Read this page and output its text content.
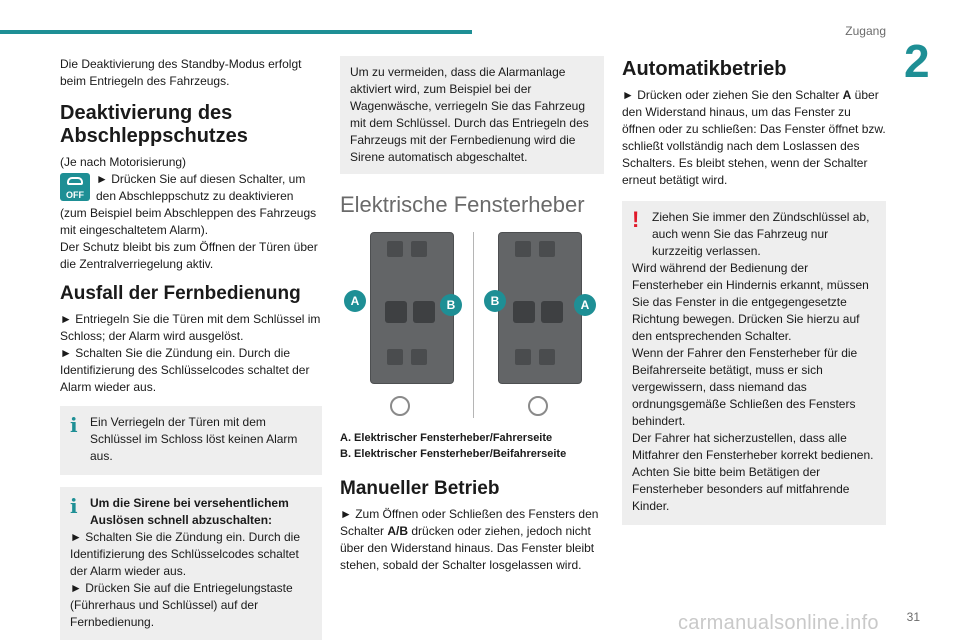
Zugang
2
31
carmanualsonline.info

Die Deaktivierung des Standby-Modus erfolgt beim Entriegeln des Fahrzeugs.

Deaktivierung des Abschleppschutzes

(Je nach Motorisierung)

OFF

► Drücken Sie auf diesen Schalter, um den Abschleppschutz zu deaktivieren (zum Beispiel beim Abschleppen des Fahrzeugs mit eingeschaltetem Alarm).

Der Schutz bleibt bis zum Öffnen der Türen über die Zentralverriegelung aktiv.

Ausfall der Fernbedienung

► Entriegeln Sie die Türen mit dem Schlüssel im Schloss; der Alarm wird ausgelöst.

► Schalten Sie die Zündung ein. Durch die Identifizierung des Schlüsselcodes schaltet der Alarm wieder aus.

i Ein Verriegeln der Türen mit dem Schlüssel im Schloss löst keinen Alarm aus.

i Um die Sirene bei versehentlichem Auslösen schnell abzuschalten:

► Schalten Sie die Zündung ein. Durch die Identifizierung des Schlüsselcodes schaltet der Alarm wieder aus.

► Drücken Sie auf die Entriegelungstaste (Führerhaus und Schlüssel) auf der Fernbedienung.

Um zu vermeiden, dass die Alarmanlage aktiviert wird, zum Beispiel bei der Wagenwäsche, verriegeln Sie das Fahrzeug mit dem Schlüssel. Durch das Entriegeln des Fahrzeugs mit der Fernbedienung wird die Sirene automatisch abgeschaltet.

Elektrische Fensterheber
A	B	B	A

A. Elektrischer Fensterheber/Fahrerseite

B. Elektrischer Fensterheber/Beifahrerseite

Manueller Betrieb

► Zum Öffnen oder Schließen des Fensters den Schalter A/B drücken oder ziehen, jedoch nicht über den Widerstand hinaus. Das Fenster bleibt stehen, sobald der Schalter losgelassen wird.

Automatikbetrieb

► Drücken oder ziehen Sie den Schalter A über den Widerstand hinaus, um das Fenster zu öffnen oder zu schließen: Das Fenster öffnet bzw. schließt vollständig nach dem Loslassen des Schalters. Es bleibt stehen, wenn der Schalter erneut betätigt wird.

!	Ziehen Sie immer den Zündschlüssel ab, auch wenn Sie das Fahrzeug nur kurzzeitig verlassen.

Wird während der Bedienung der Fensterheber ein Hindernis erkannt, müssen Sie das Fenster in die entgegengesetzte Richtung bewegen. Drücken Sie hierzu auf den entsprechenden Schalter.

Wenn der Fahrer den Fensterheber für die Beifahrerseite betätigt, muss er sich vergewissern, dass niemand das ordnungsgemäße Schließen des Fensters behindert.

Der Fahrer hat sicherzustellen, dass alle Mitfahrer den Fensterheber korrekt bedienen.

Achten Sie bitte beim Betätigen der Fensterheber besonders auf mitfahrende Kinder.
